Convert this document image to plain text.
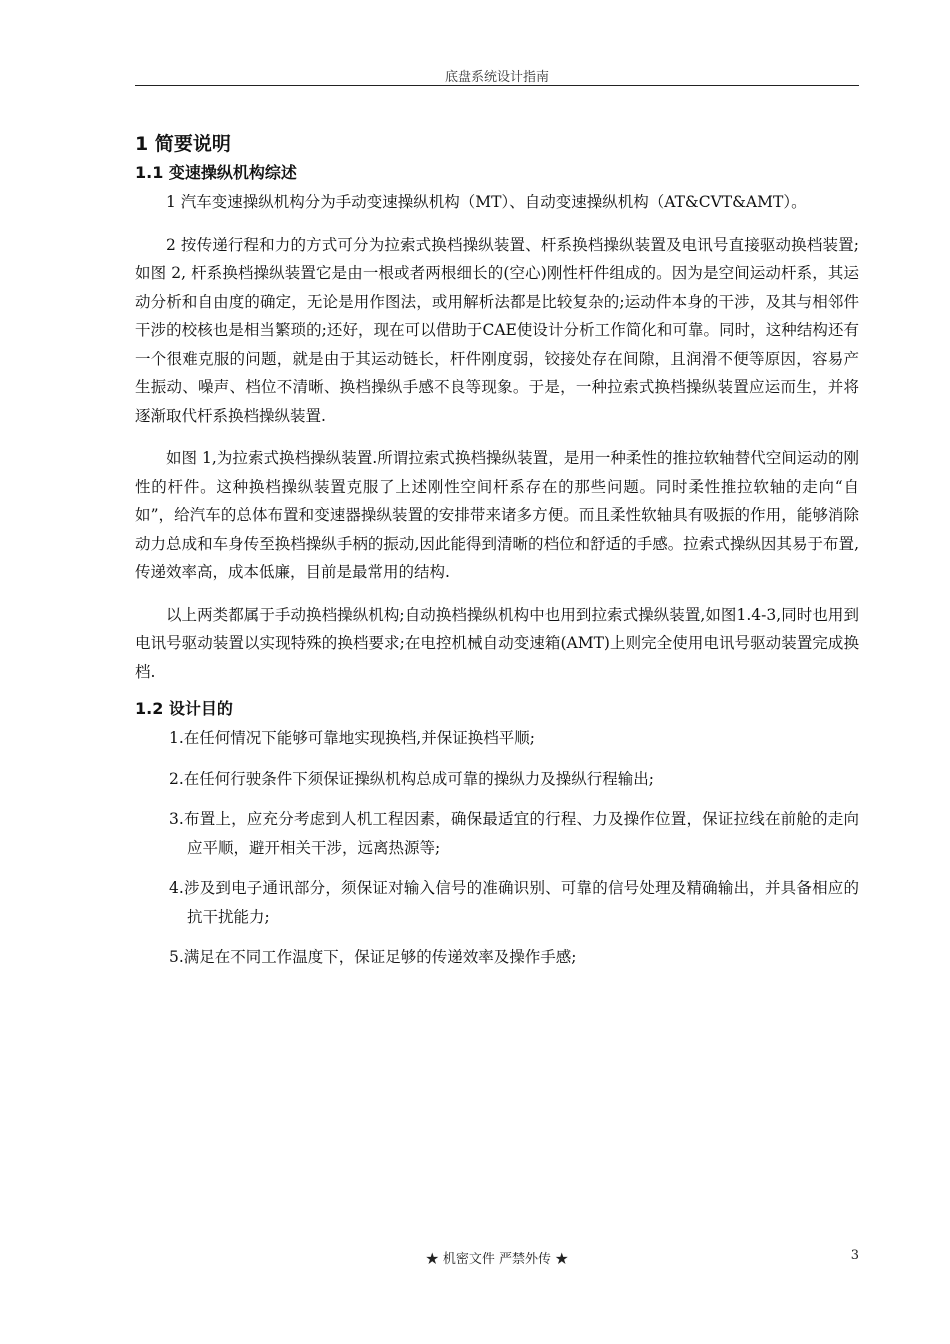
底盘系统设计指南
1 简要说明
1.1 变速操纵机构综述

1 汽车变速操纵机构分为手动变速操纵机构（MT）、自动变速操纵机构（AT&CVT&AMT）。

2 按传递行程和力的方式可分为拉索式换档操纵装置、杆系换档操纵装置及电讯号直接驱动换档装置;如图 2, 杆系换档操纵装置它是由一根或者两根细长的(空心)刚性杆件组成的。因为是空间运动杆系，其运动分析和自由度的确定，无论是用作图法，或用解析法都是比较复杂的;运动件本身的干涉，及其与相邻件干涉的校核也是相当繁琐的;还好，现在可以借助于CAE使设计分析工作简化和可靠。同时，这种结构还有一个很难克服的问题，就是由于其运动链长，杆件刚度弱，铰接处存在间隙，且润滑不便等原因，容易产生振动、噪声、档位不清晰、换档操纵手感不良等现象。于是，一种拉索式换档操纵装置应运而生，并将逐渐取代杆系换档操纵装置.

如图 1,为拉索式换档操纵装置.所谓拉索式换档操纵装置，是用一种柔性的推拉软轴替代空间运动的刚性的杆件。这种换档操纵装置克服了上述刚性空间杆系存在的那些问题。同时柔性推拉软轴的走向“自如”，给汽车的总体布置和变速器操纵装置的安排带来诸多方便。而且柔性软轴具有吸振的作用，能够消除动力总成和车身传至换档操纵手柄的振动,因此能得到清晰的档位和舒适的手感。拉索式操纵因其易于布置,传递效率高，成本低廉，目前是最常用的结构.

以上两类都属于手动换档操纵机构;自动换档操纵机构中也用到拉索式操纵装置,如图1.4-3,同时也用到电讯号驱动装置以实现特殊的换档要求;在电控机械自动变速箱(AMT)上则完全使用电讯号驱动装置完成换档.

1.2 设计目的
1.在任何情况下能够可靠地实现换档,并保证换档平顺;
2.在任何行驶条件下须保证操纵机构总成可靠的操纵力及操纵行程输出;
3.布置上，应充分考虑到人机工程因素，确保最适宜的行程、力及操作位置，保证拉线在前舱的走向应平顺，避开相关干涉，远离热源等;
4.涉及到电子通讯部分，须保证对输入信号的准确识别、可靠的信号处理及精确输出，并具备相应的抗干扰能力;
5.满足在不同工作温度下，保证足够的传递效率及操作手感;
★ 机密文件 严禁外传 ★	3
